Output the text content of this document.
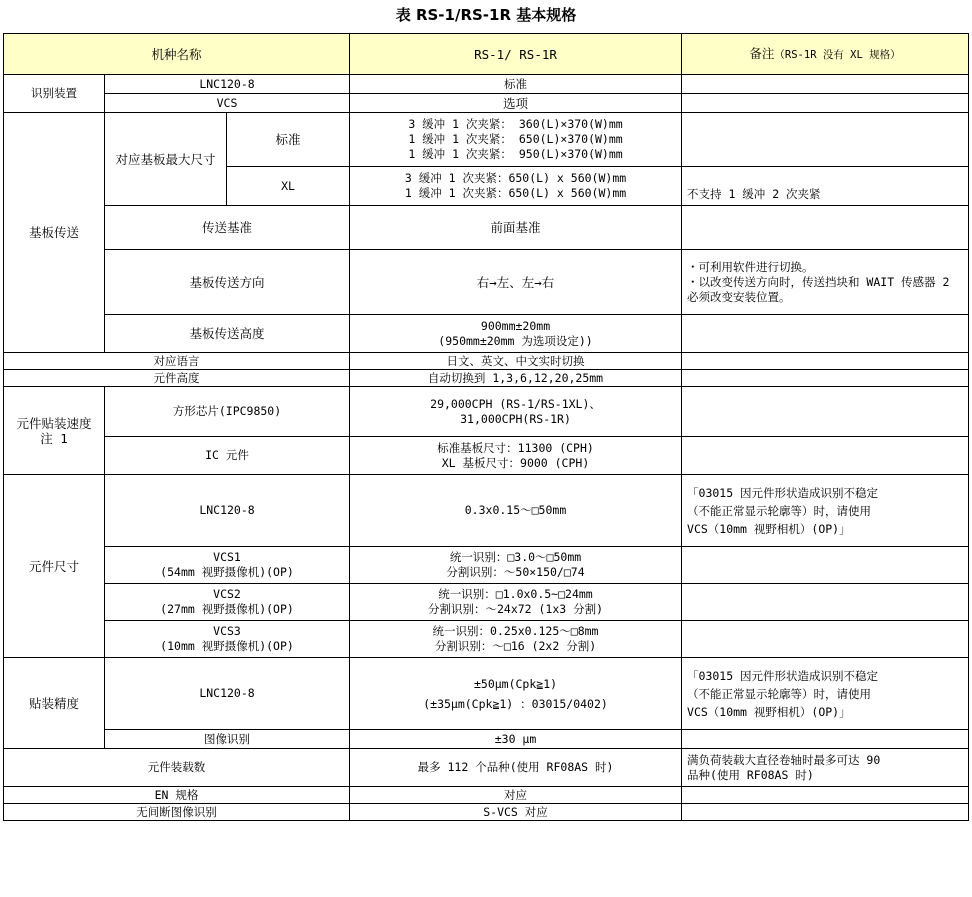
表 RS-1/RS-1R 基本规格
机种名称			RS-1/ RS-1R	备注（RS-1R 没有 XL 规格）
识别装置	LNC120-8		标准	
	VCS		选项	
基板传送	对应基板最大尺寸	标准	3 缓冲 1 次夹紧： 360(L)×370(W)mm
1 缓冲 1 次夹紧： 650(L)×370(W)mm
1 缓冲 1 次夹紧： 950(L)×370(W)mm	

		XL	3 缓冲 1 次夹紧：650(L) x 560(W)mm
1 缓冲 1 次夹紧：650(L) x 560(W)mm	不支持 1 缓冲 2 次夹紧
	传送基准		前面基准	
	基板传送方向		右→左、左→右	・可利用软件进行切换。
・以改变传送方向时，传送挡块和 WAIT 传感器 2 必须改变安装位置。

	基板传送高度		900mm±20mm
(950mm±20mm 为选项设定))	

对应语言			日文、英文、中文实时切换	
元件高度			自动切换到 1,3,6,12,20,25mm	

元件贴装速度
注 1	方形芯片(IPC9850)		29,000CPH (RS-1/RS-1XL)、
31,000CPH(RS-1R)	

	IC 元件		标准基板尺寸：11300 (CPH)
XL 基板尺寸：9000 (CPH)	

元件尺寸	LNC120-8		0.3x0.15～□50mm	「03015 因元件形状造成识别不稳定
（不能正常显示轮廓等）时，请使用
VCS（10mm 视野相机）(OP)」

	VCS1
(54mm 视野摄像机)(OP)		统一识别：□3.0～□50mm
分割识别：～50×150/□74	

	VCS2
(27mm 视野摄像机)(OP)		统一识别：□1.0x0.5~□24mm
分割识别：～24x72 (1x3 分割)	

	VCS3
(10mm 视野摄像机)(OP)		统一识别：0.25x0.125～□8mm
分割识别：～□16 (2x2 分割)	

贴装精度	LNC120-8		±50μm(Cpk≧1)
(±35μm(Cpk≧1) ：03015/0402)	「03015 因元件形状造成识别不稳定
（不能正常显示轮廓等）时，请使用
VCS（10mm 视野相机）(OP)」

	图像识别		±30 μm	
元件装载数			最多 112 个品种(使用 RF08AS 时)	满负荷装载大直径卷轴时最多可达 90
品种(使用 RF08AS 时)

EN 规格			对应	
无间断图像识别			S-VCS 对应	
